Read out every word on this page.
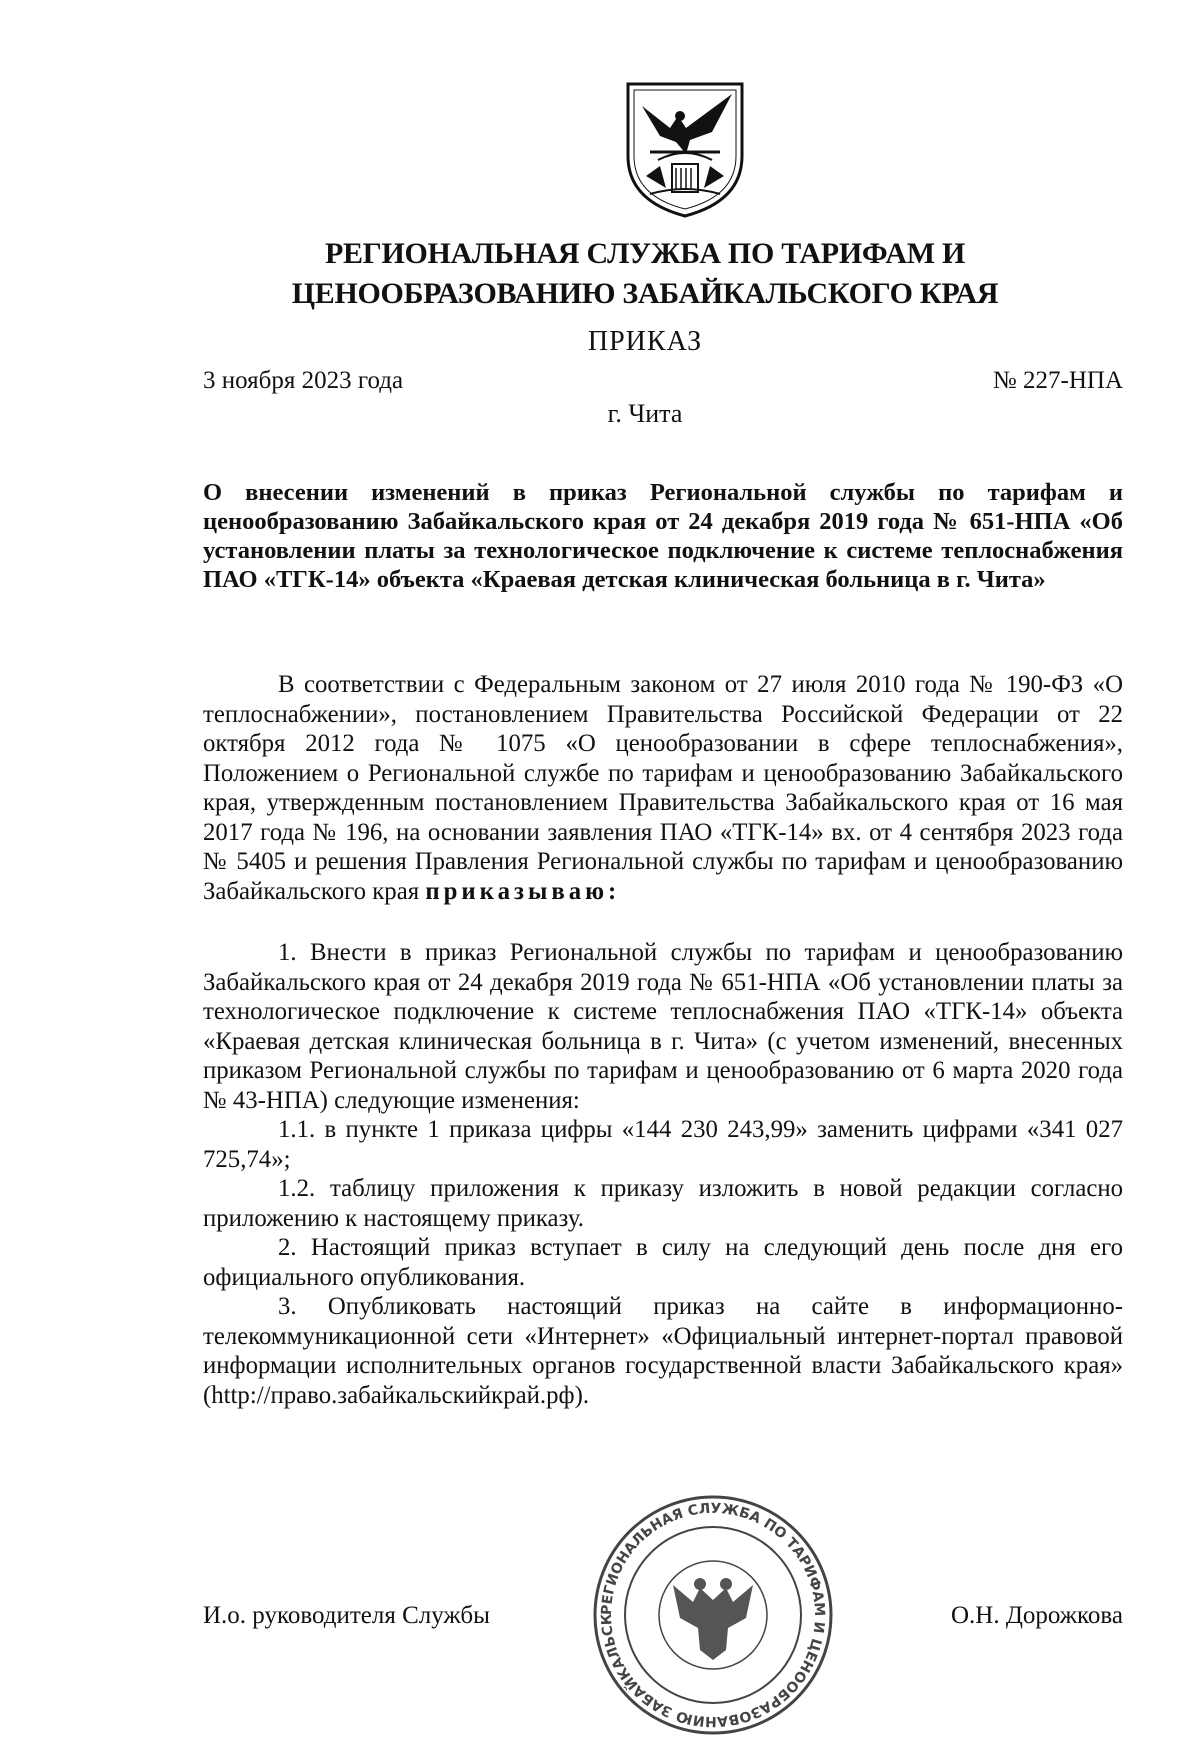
РЕГИОНАЛЬНАЯ СЛУЖБА ПО ТАРИФАМ И
ЦЕНООБРАЗОВАНИЮ ЗАБАЙКАЛЬСКОГО КРАЯ
ПРИКАЗ
3 ноября 2023 года	№ 227-НПА
г. Чита

О внесении изменений в приказ Региональной службы по тарифам и ценообразованию Забайкальского края от 24 декабря 2019 года № 651-НПА «Об установлении платы за технологическое подключение к системе теплоснабжения ПАО «ТГК-14» объекта «Краевая детская клиническая больница в г. Чита»

В соответствии с Федеральным законом от 27 июля 2010 года № 190-ФЗ «О теплоснабжении», постановлением Правительства Российской Федерации от 22 октября 2012 года № 1075 «О ценообразовании в сфере теплоснабжения», Положением о Региональной службе по тарифам и ценообразованию Забайкальского края, утвержденным постановлением Правительства Забайкальского края от 16 мая 2017 года № 196, на основании заявления ПАО «ТГК-14» вх. от 4 сентября 2023 года № 5405 и решения Правления Региональной службы по тарифам и ценообразованию Забайкальского края приказываю:

1. Внести в приказ Региональной службы по тарифам и ценообразованию Забайкальского края от 24 декабря 2019 года № 651-НПА «Об установлении платы за технологическое подключение к системе теплоснабжения ПАО «ТГК-14» объекта «Краевая детская клиническая больница в г. Чита» (с учетом изменений, внесенных приказом Региональной службы по тарифам и ценообразованию от 6 марта 2020 года № 43-НПА) следующие изменения:

1.1. в пункте 1 приказа цифры «144 230 243,99» заменить цифрами «341 027 725,74»;

1.2. таблицу приложения к приказу изложить в новой редакции согласно приложению к настоящему приказу.

2. Настоящий приказ вступает в силу на следующий день после дня его официального опубликования.

3. Опубликовать настоящий приказ на сайте в информационно-телекоммуникационной сети «Интернет» «Официальный интернет-портал правовой информации исполнительных органов государственной власти Забайкальского края» (http://право.забайкальскийкрай.рф).

РЕГИОНАЛЬНАЯ СЛУЖБА ПО ТАРИФАМ И ЦЕНООБРАЗОВАНИЮ ЗАБАЙКАЛЬСК
И.о. руководителя Службы	О.Н. Дорожкова
